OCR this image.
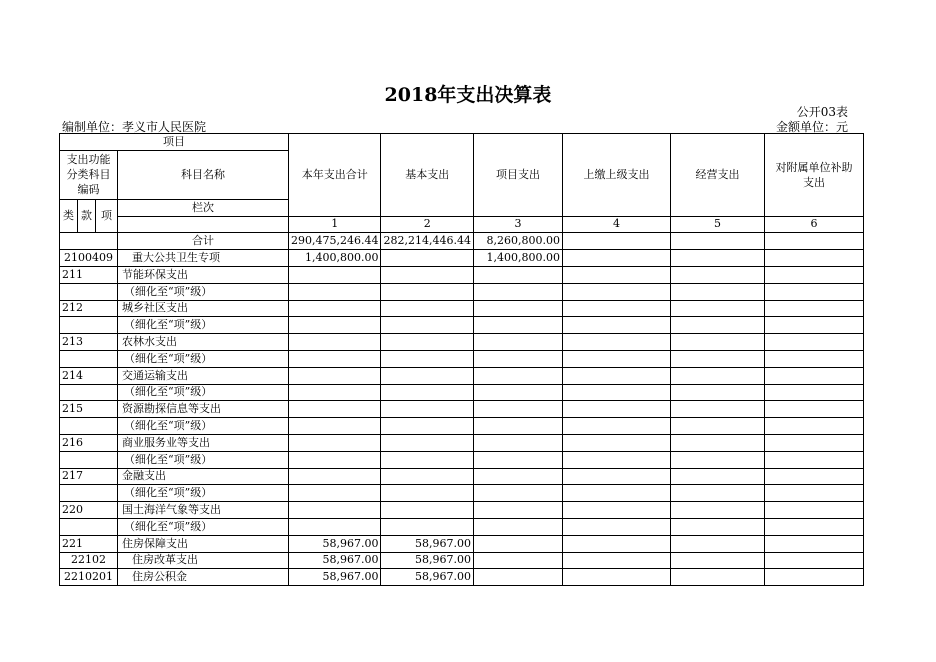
2018年支出决算表
公开03表
编制单位：孝义市人民医院	金额单位：元
项目				本年支出合计	基本支出	项目支出	上缴上级支出	经营支出	对附属单位补助支出
支出功能分类科目编码			科目名称						

类	款	项	栏次						
				1	2	3	4	5	6
			合计	290,475,246.44	282,214,446.44	8,260,800.00			
2100409			重大公共卫生专项	1,400,800.00		1,400,800.00			
211			节能环保支出						
			（细化至“项”级）						
212			城乡社区支出						
			（细化至“项”级）						
213			农林水支出						
			（细化至“项”级）						
214			交通运输支出						
			（细化至“项”级）						
215			资源勘探信息等支出						
			（细化至“项”级）						
216			商业服务业等支出						
			（细化至“项”级）						
217			金融支出						
			（细化至“项”级）						
220			国土海洋气象等支出						
			（细化至“项”级）						
221			住房保障支出	58,967.00	58,967.00				
22102			住房改革支出	58,967.00	58,967.00				
2210201			住房公积金	58,967.00	58,967.00				
